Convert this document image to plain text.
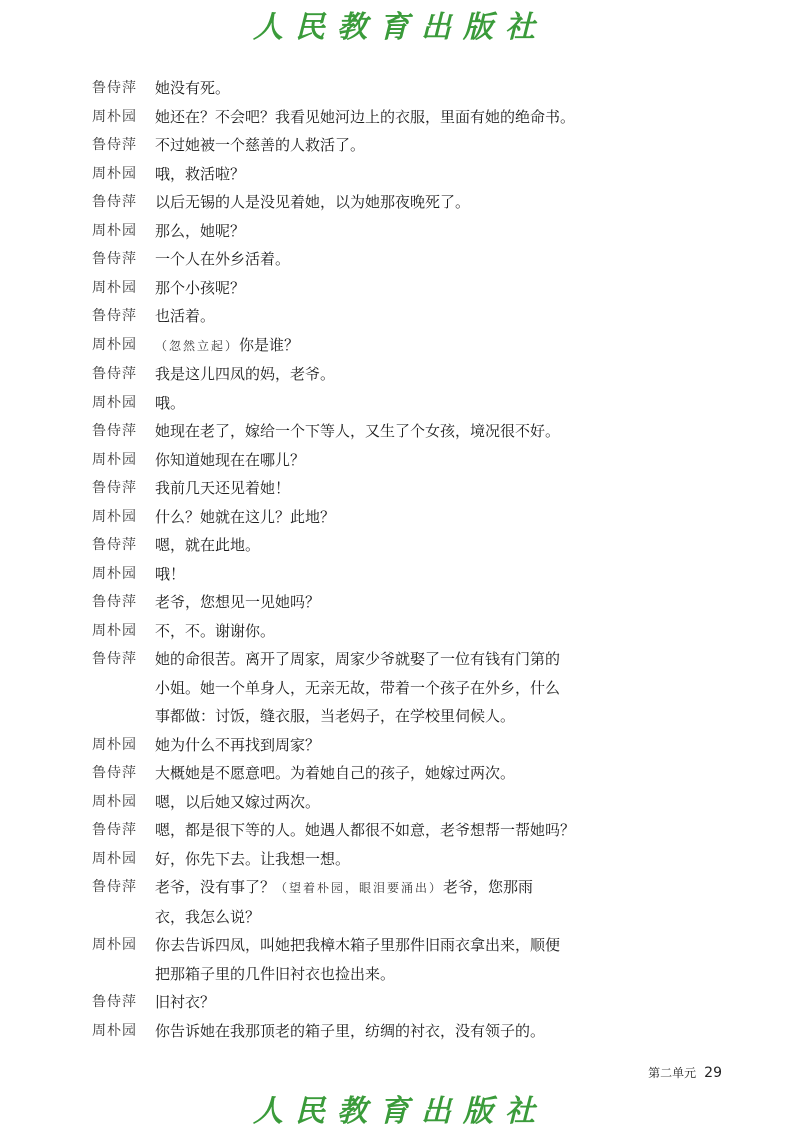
人民教育出版社
鲁侍萍	她没有死。

周朴园	她还在？不会吧？我看见她河边上的衣服，里面有她的绝命书。

鲁侍萍	不过她被一个慈善的人救活了。

周朴园	哦，救活啦？

鲁侍萍	以后无锡的人是没见着她，以为她那夜晚死了。

周朴园	那么，她呢？

鲁侍萍	一个人在外乡活着。

周朴园	那个小孩呢？

鲁侍萍	也活着。

周朴园	（忽然立起）你是谁？

鲁侍萍	我是这儿四凤的妈，老爷。

周朴园	哦。

鲁侍萍	她现在老了，嫁给一个下等人，又生了个女孩，境况很不好。

周朴园	你知道她现在在哪儿？

鲁侍萍	我前几天还见着她！

周朴园	什么？她就在这儿？此地？

鲁侍萍	嗯，就在此地。

周朴园	哦！

鲁侍萍	老爷，您想见一见她吗？

周朴园	不，不。谢谢你。

鲁侍萍	她的命很苦。离开了周家，周家少爷就娶了一位有钱有门第的

小姐。她一个单身人，无亲无故，带着一个孩子在外乡，什么

事都做：讨饭，缝衣服，当老妈子，在学校里伺候人。

周朴园	她为什么不再找到周家？

鲁侍萍	大概她是不愿意吧。为着她自己的孩子，她嫁过两次。

周朴园	嗯，以后她又嫁过两次。

鲁侍萍	嗯，都是很下等的人。她遇人都很不如意，老爷想帮一帮她吗？

周朴园	好，你先下去。让我想一想。

鲁侍萍	老爷，没有事了？（望着朴园，眼泪要涌出）老爷，您那雨

衣，我怎么说？

周朴园	你去告诉四凤，叫她把我樟木箱子里那件旧雨衣拿出来，顺便

把那箱子里的几件旧衬衣也捡出来。

鲁侍萍	旧衬衣？

周朴园	你告诉她在我那顶老的箱子里，纺绸的衬衣，没有领子的。

第二单元 29
人民教育出版社
